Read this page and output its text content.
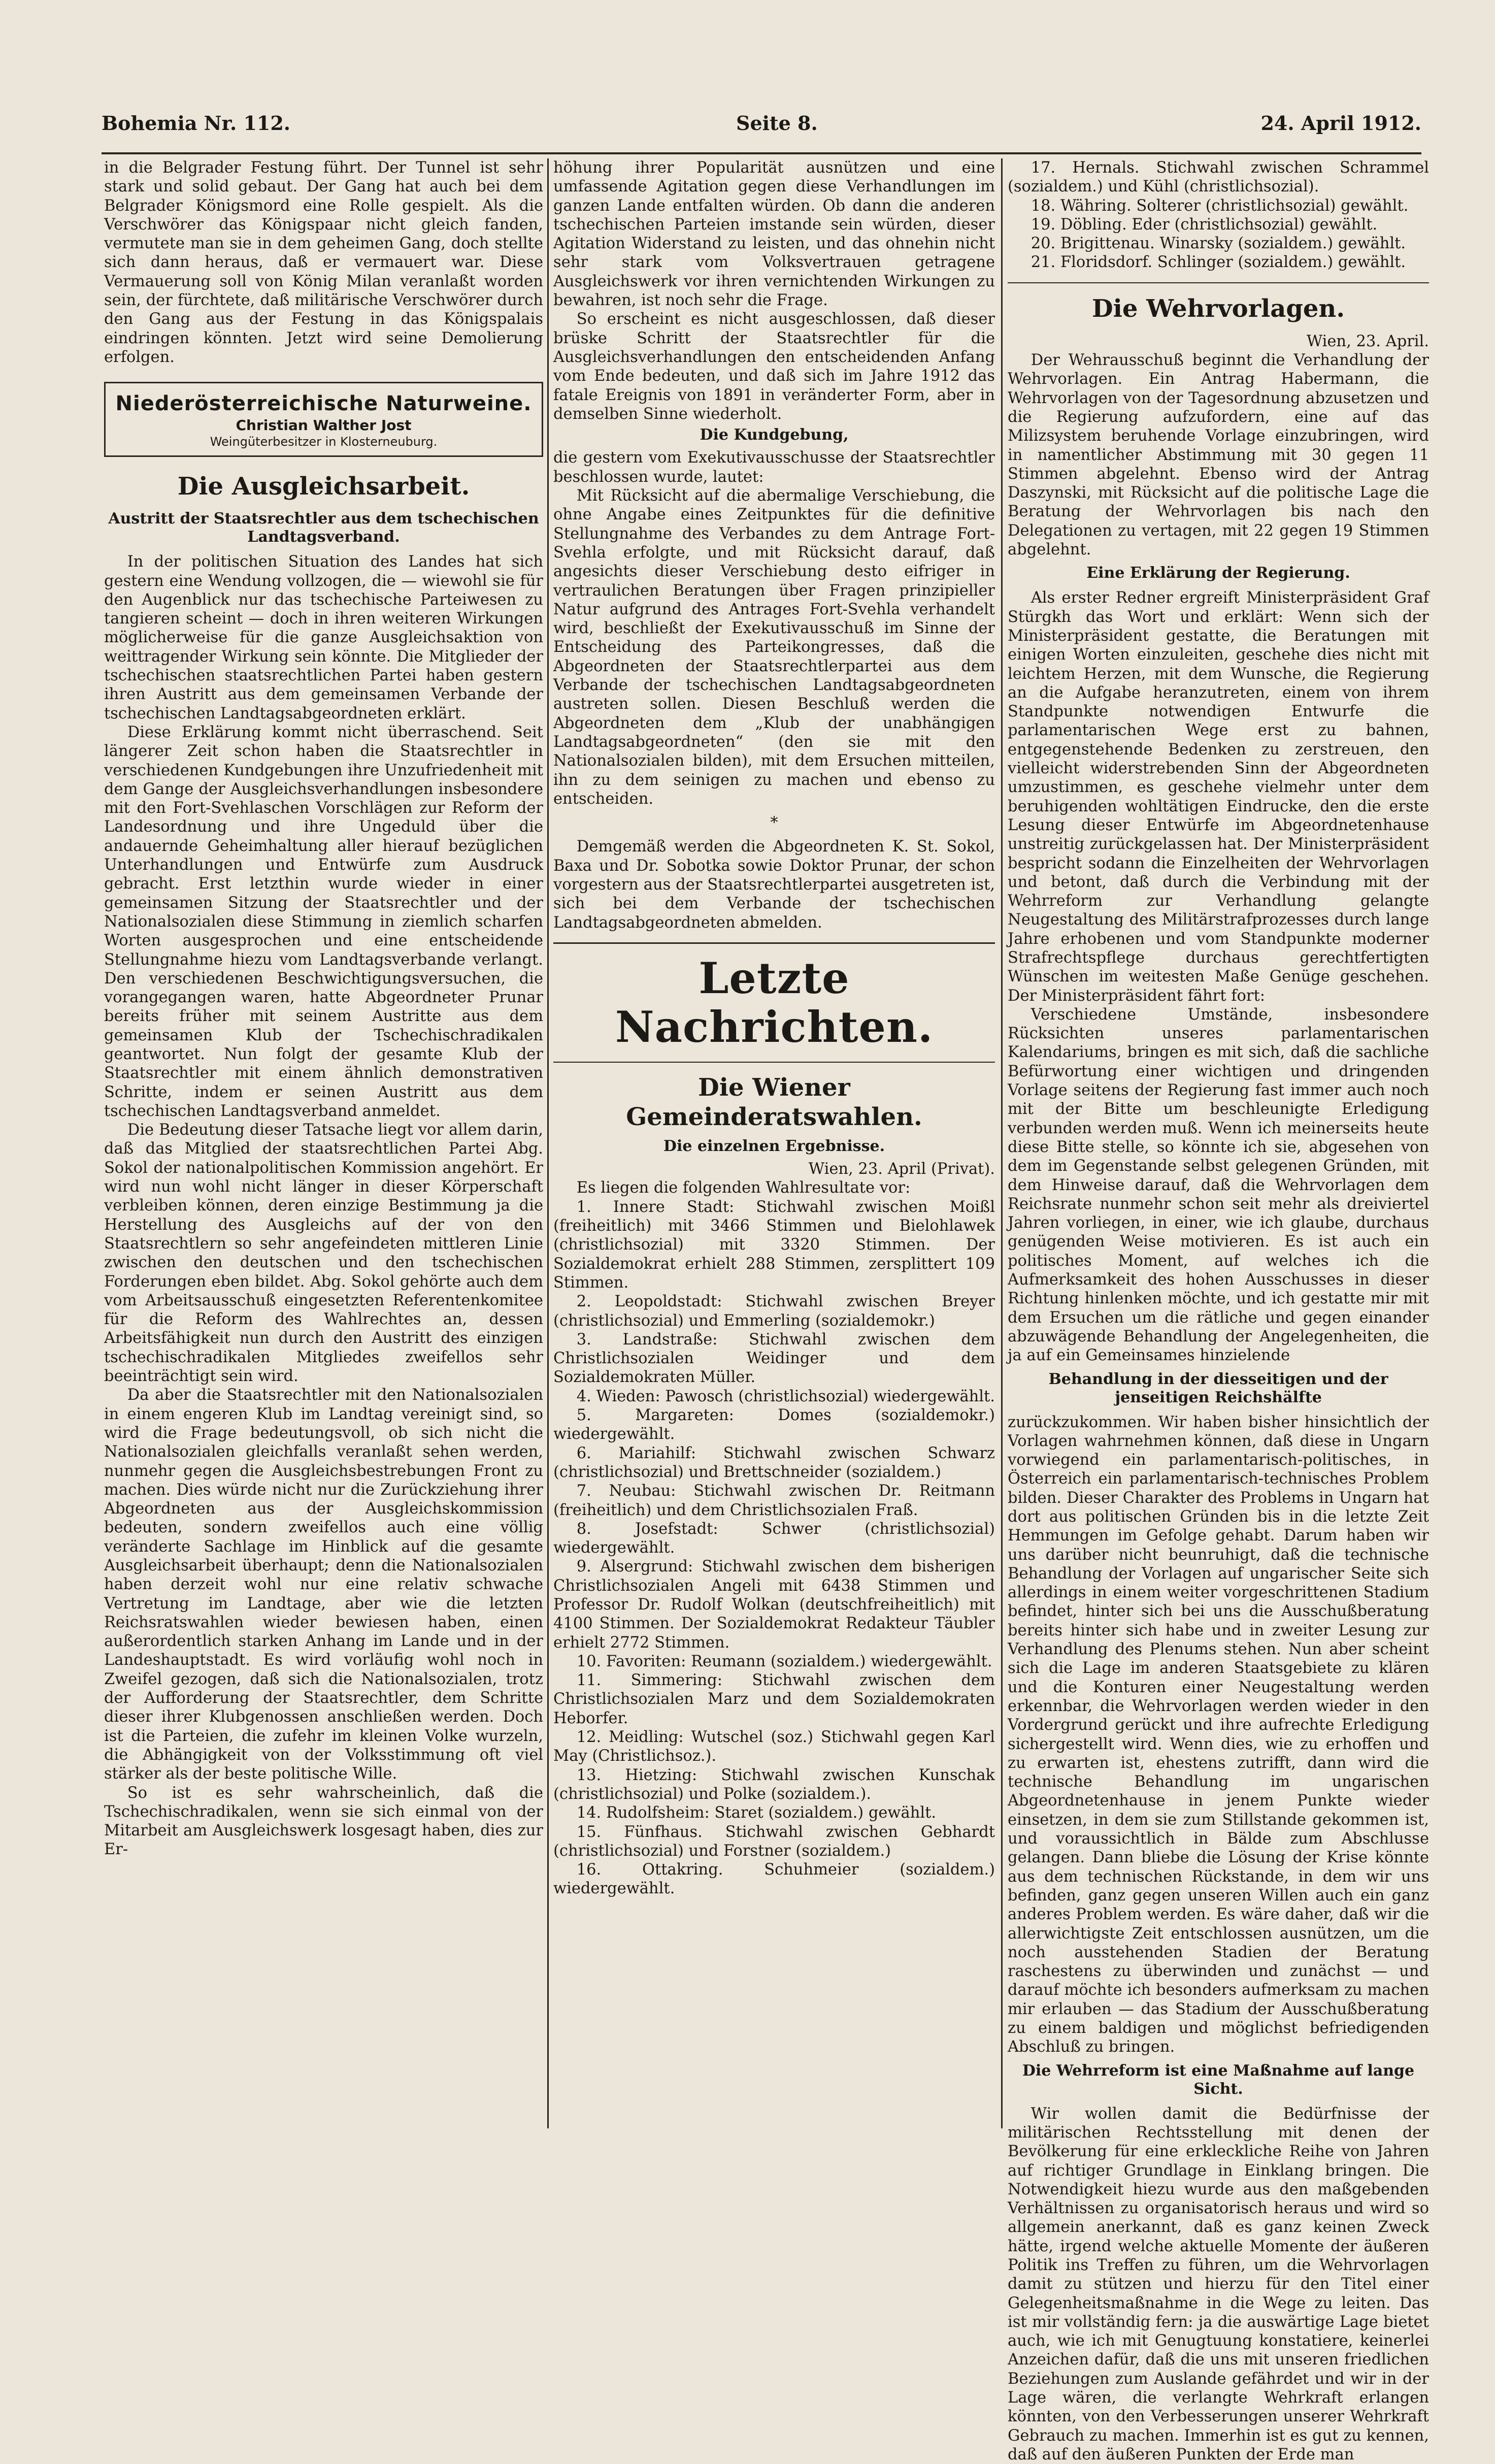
Bohemia Nr. 112.	Seite 8.	24. April 1912.

in die Belgrader Festung führt. Der Tunnel ist sehr stark und solid gebaut. Der Gang hat auch bei dem Belgrader Königsmord eine Rolle gespielt. Als die Verschwörer das Königspaar nicht gleich fanden, vermutete man sie in dem geheimen Gang, doch stellte sich dann heraus, daß er vermauert war. Diese Vermauerung soll von König Milan veranlaßt worden sein, der fürchtete, daß militärische Verschwörer durch den Gang aus der Festung in das Königspalais eindringen könnten. Jetzt wird seine Demolierung erfolgen.

Niederösterreichische Naturweine.
Christian Walther Jost
Weingüterbesitzer in Klosterneuburg.
Die Ausgleichsarbeit.
Austritt der Staatsrechtler aus dem tschechischen Landtagsverband.

In der politischen Situation des Landes hat sich gestern eine Wendung vollzogen, die — wiewohl sie für den Augenblick nur das tschechische Parteiwesen zu tangieren scheint — doch in ihren weiteren Wirkungen möglicherweise für die ganze Ausgleichsaktion von weittragender Wirkung sein könnte. Die Mitglieder der tschechischen staatsrechtlichen Partei haben gestern ihren Austritt aus dem gemeinsamen Verbande der tschechischen Landtagsabgeordneten erklärt.

Diese Erklärung kommt nicht überraschend. Seit längerer Zeit schon haben die Staatsrechtler in verschiedenen Kundgebungen ihre Unzufriedenheit mit dem Gange der Ausgleichsverhandlungen insbesondere mit den Fort-Svehlaschen Vorschlägen zur Reform der Landesordnung und ihre Ungeduld über die andauernde Geheimhaltung aller hierauf bezüglichen Unterhandlungen und Entwürfe zum Ausdruck gebracht. Erst letzthin wurde wieder in einer gemeinsamen Sitzung der Staatsrechtler und der Nationalsozialen diese Stimmung in ziemlich scharfen Worten ausgesprochen und eine entscheidende Stellungnahme hiezu vom Landtagsverbande verlangt. Den verschiedenen Beschwichtigungsversuchen, die vorangegangen waren, hatte Abgeordneter Prunar bereits früher mit seinem Austritte aus dem gemeinsamen Klub der Tschechischradikalen geantwortet. Nun folgt der gesamte Klub der Staatsrechtler mit einem ähnlich demonstrativen Schritte, indem er seinen Austritt aus dem tschechischen Landtagsverband anmeldet.

Die Bedeutung dieser Tatsache liegt vor allem darin, daß das Mitglied der staatsrechtlichen Partei Abg. Sokol der nationalpolitischen Kommission angehört. Er wird nun wohl nicht länger in dieser Körperschaft verbleiben können, deren einzige Bestimmung ja die Herstellung des Ausgleichs auf der von den Staatsrechtlern so sehr angefeindeten mittleren Linie zwischen den deutschen und den tschechischen Forderungen eben bildet. Abg. Sokol gehörte auch dem vom Arbeitsausschuß eingesetzten Referentenkomitee für die Reform des Wahlrechtes an, dessen Arbeitsfähigkeit nun durch den Austritt des einzigen tschechischradikalen Mitgliedes zweifellos sehr beeinträchtigt sein wird.

Da aber die Staatsrechtler mit den Nationalsozialen in einem engeren Klub im Landtag vereinigt sind, so wird die Frage bedeutungsvoll, ob sich nicht die Nationalsozialen gleichfalls veranlaßt sehen werden, nunmehr gegen die Ausgleichsbestrebungen Front zu machen. Dies würde nicht nur die Zurückziehung ihrer Abgeordneten aus der Ausgleichskommission bedeuten, sondern zweifellos auch eine völlig veränderte Sachlage im Hinblick auf die gesamte Ausgleichsarbeit überhaupt; denn die Nationalsozialen haben derzeit wohl nur eine relativ schwache Vertretung im Landtage, aber wie die letzten Reichsratswahlen wieder bewiesen haben, einen außerordentlich starken Anhang im Lande und in der Landeshauptstadt. Es wird vorläufig wohl noch in Zweifel gezogen, daß sich die Nationalsozialen, trotz der Aufforderung der Staatsrechtler, dem Schritte dieser ihrer Klubgenossen anschließen werden. Doch ist die Parteien, die zufehr im kleinen Volke wurzeln, die Abhängigkeit von der Volksstimmung oft viel stärker als der beste politische Wille.

So ist es sehr wahrscheinlich, daß die Tschechischradikalen, wenn sie sich einmal von der Mitarbeit am Ausgleichswerk losgesagt haben, dies zur Er-

höhung ihrer Popularität ausnützen und eine umfassende Agitation gegen diese Verhandlungen im ganzen Lande entfalten würden. Ob dann die anderen tschechischen Parteien imstande sein würden, dieser Agitation Widerstand zu leisten, und das ohnehin nicht sehr stark vom Volksvertrauen getragene Ausgleichswerk vor ihren vernichtenden Wirkungen zu bewahren, ist noch sehr die Frage.

So erscheint es nicht ausgeschlossen, daß dieser brüske Schritt der Staatsrechtler für die Ausgleichsverhandlungen den entscheidenden Anfang vom Ende bedeuten, und daß sich im Jahre 1912 das fatale Ereignis von 1891 in veränderter Form, aber in demselben Sinne wiederholt.

Die Kundgebung,

die gestern vom Exekutivausschusse der Staatsrechtler beschlossen wurde, lautet:

Mit Rücksicht auf die abermalige Verschiebung, die ohne Angabe eines Zeitpunktes für die definitive Stellungnahme des Verbandes zu dem Antrage Fort-Svehla erfolgte, und mit Rücksicht darauf, daß angesichts dieser Verschiebung desto eifriger in vertraulichen Beratungen über Fragen prinzipieller Natur aufgrund des Antrages Fort-Svehla verhandelt wird, beschließt der Exekutivausschuß im Sinne der Entscheidung des Parteikongresses, daß die Abgeordneten der Staatsrechtlerpartei aus dem Verbande der tschechischen Landtagsabgeordneten austreten sollen. Diesen Beschluß werden die Abgeordneten dem „Klub der unabhängigen Landtagsabgeordneten“ (den sie mit den Nationalsozialen bilden), mit dem Ersuchen mitteilen, ihn zu dem seinigen zu machen und ebenso zu entscheiden.

*

Demgemäß werden die Abgeordneten K. St. Sokol, Baxa und Dr. Sobotka sowie Doktor Prunar, der schon vorgestern aus der Staatsrechtlerpartei ausgetreten ist, sich bei dem Verbande der tschechischen Landtagsabgeordneten abmelden.

Letzte Nachrichten.
Die Wiener Gemeinderatswahlen.
Die einzelnen Ergebnisse.

Wien, 23. April (Privat).

Es liegen die folgenden Wahlresultate vor:

1. Innere Stadt: Stichwahl zwischen Moißl (freiheitlich) mit 3466 Stimmen und Bielohlawek (christlichsozial) mit 3320 Stimmen. Der Sozialdemokrat erhielt 288 Stimmen, zersplittert 109 Stimmen.

2. Leopoldstadt: Stichwahl zwischen Breyer (christlichsozial) und Emmerling (sozialdemokr.)

3. Landstraße: Stichwahl zwischen dem Christlichsozialen Weidinger und dem Sozialdemokraten Müller.

4. Wieden: Pawosch (christlichsozial) wiedergewählt.

5. Margareten: Domes (sozialdemokr.) wiedergewählt.

6. Mariahilf: Stichwahl zwischen Schwarz (christlichsozial) und Brettschneider (sozialdem.)

7. Neubau: Stichwahl zwischen Dr. Reitmann (freiheitlich) und dem Christlichsozialen Fraß.

8. Josefstadt: Schwer (christlichsozial) wiedergewählt.

9. Alsergrund: Stichwahl zwischen dem bisherigen Christlichsozialen Angeli mit 6438 Stimmen und Professor Dr. Rudolf Wolkan (deutschfreiheitlich) mit 4100 Stimmen. Der Sozialdemokrat Redakteur Täubler erhielt 2772 Stimmen.

10. Favoriten: Reumann (sozialdem.) wiedergewählt.

11. Simmering: Stichwahl zwischen dem Christlichsozialen Marz und dem Sozialdemokraten Heborfer.

12. Meidling: Wutschel (soz.) Stichwahl gegen Karl May (Christlichsoz.).

13. Hietzing: Stichwahl zwischen Kunschak (christlichsozial) und Polke (sozialdem.).

14. Rudolfsheim: Staret (sozialdem.) gewählt.

15. Fünfhaus. Stichwahl zwischen Gebhardt (christlichsozial) und Forstner (sozialdem.)

16. Ottakring. Schuhmeier (sozialdem.) wiedergewählt.

17. Hernals. Stichwahl zwischen Schrammel (sozialdem.) und Kühl (christlichsozial).

18. Währing. Solterer (christlichsozial) gewählt.

19. Döbling. Eder (christlichsozial) gewählt.

20. Brigittenau. Winarsky (sozialdem.) gewählt.

21. Floridsdorf. Schlinger (sozialdem.) gewählt.

Die Wehrvorlagen.

Wien, 23. April.

Der Wehrausschuß beginnt die Verhandlung der Wehrvorlagen. Ein Antrag Habermann, die Wehrvorlagen von der Tagesordnung abzusetzen und die Regierung aufzufordern, eine auf das Milizsystem beruhende Vorlage einzubringen, wird in namentlicher Abstimmung mit 30 gegen 11 Stimmen abgelehnt. Ebenso wird der Antrag Daszynski, mit Rücksicht auf die politische Lage die Beratung der Wehrvorlagen bis nach den Delegationen zu vertagen, mit 22 gegen 19 Stimmen abgelehnt.

Eine Erklärung der Regierung.

Als erster Redner ergreift Ministerpräsident Graf Stürgkh das Wort und erklärt: Wenn sich der Ministerpräsident gestatte, die Beratungen mit einigen Worten einzuleiten, geschehe dies nicht mit leichtem Herzen, mit dem Wunsche, die Regierung an die Aufgabe heranzutreten, einem von ihrem Standpunkte notwendigen Entwurfe die parlamentarischen Wege erst zu bahnen, entgegenstehende Bedenken zu zerstreuen, den vielleicht widerstrebenden Sinn der Abgeordneten umzustimmen, es geschehe vielmehr unter dem beruhigenden wohltätigen Eindrucke, den die erste Lesung dieser Entwürfe im Abgeordnetenhause unstreitig zurückgelassen hat. Der Ministerpräsident bespricht sodann die Einzelheiten der Wehrvorlagen und betont, daß durch die Verbindung mit der Wehrreform zur Verhandlung gelangte Neugestaltung des Militärstrafprozesses durch lange Jahre erhobenen und vom Standpunkte moderner Strafrechtspflege durchaus gerechtfertigten Wünschen im weitesten Maße Genüge geschehen. Der Ministerpräsident fährt fort:

Verschiedene Umstände, insbesondere Rücksichten unseres parlamentarischen Kalendariums, bringen es mit sich, daß die sachliche Befürwortung einer wichtigen und dringenden Vorlage seitens der Regierung fast immer auch noch mit der Bitte um beschleunigte Erledigung verbunden werden muß. Wenn ich meinerseits heute diese Bitte stelle, so könnte ich sie, abgesehen von dem im Gegenstande selbst gelegenen Gründen, mit dem Hinweise darauf, daß die Wehrvorlagen dem Reichsrate nunmehr schon seit mehr als dreiviertel Jahren vorliegen, in einer, wie ich glaube, durchaus genügenden Weise motivieren. Es ist auch ein politisches Moment, auf welches ich die Aufmerksamkeit des hohen Ausschusses in dieser Richtung hinlenken möchte, und ich gestatte mir mit dem Ersuchen um die rätliche und gegen einander abzuwägende Behandlung der Angelegenheiten, die ja auf ein Gemeinsames hinzielende

Behandlung in der diesseitigen und der jenseitigen Reichshälfte

zurückzukommen. Wir haben bisher hinsichtlich der Vorlagen wahrnehmen können, daß diese in Ungarn vorwiegend ein parlamentarisch-politisches, in Österreich ein parlamentarisch-technisches Problem bilden. Dieser Charakter des Problems in Ungarn hat dort aus politischen Gründen bis in die letzte Zeit Hemmungen im Gefolge gehabt. Darum haben wir uns darüber nicht beunruhigt, daß die technische Behandlung der Vorlagen auf ungarischer Seite sich allerdings in einem weiter vorgeschrittenen Stadium befindet, hinter sich bei uns die Ausschußberatung bereits hinter sich habe und in zweiter Lesung zur Verhandlung des Plenums stehen. Nun aber scheint sich die Lage im anderen Staatsgebiete zu klären und die Konturen einer Neugestaltung werden erkennbar, die Wehrvorlagen werden wieder in den Vordergrund gerückt und ihre aufrechte Erledigung sichergestellt wird. Wenn dies, wie zu erhoffen und zu erwarten ist, ehestens zutrifft, dann wird die technische Behandlung im ungarischen Abgeordnetenhause in jenem Punkte wieder einsetzen, in dem sie zum Stillstande gekommen ist, und voraussichtlich in Bälde zum Abschlusse gelangen. Dann bliebe die Lösung der Krise könnte aus dem technischen Rückstande, in dem wir uns befinden, ganz gegen unseren Willen auch ein ganz anderes Problem werden. Es wäre daher, daß wir die allerwichtigste Zeit entschlossen ausnützen, um die noch ausstehenden Stadien der Beratung raschestens zu überwinden und zunächst — und darauf möchte ich besonders aufmerksam zu machen mir erlauben — das Stadium der Ausschußberatung zu einem baldigen und möglichst befriedigenden Abschluß zu bringen.

Die Wehrreform ist eine Maßnahme auf lange Sicht.

Wir wollen damit die Bedürfnisse der militärischen Rechtsstellung mit denen der Bevölkerung für eine erkleckliche Reihe von Jahren auf richtiger Grundlage in Einklang bringen. Die Notwendigkeit hiezu wurde aus den maßgebenden Verhältnissen zu organisatorisch heraus und wird so allgemein anerkannt, daß es ganz keinen Zweck hätte, irgend welche aktuelle Momente der äußeren Politik ins Treffen zu führen, um die Wehrvorlagen damit zu stützen und hierzu für den Titel einer Gelegenheitsmaßnahme in die Wege zu leiten. Das ist mir vollständig fern: ja die auswärtige Lage bietet auch, wie ich mit Genugtuung konstatiere, keinerlei Anzeichen dafür, daß die uns mit unseren friedlichen Beziehungen zum Auslande gefährdet und wir in der Lage wären, die verlangte Wehrkraft erlangen könnten, von den Verbesserungen unserer Wehrkraft Gebrauch zu machen. Immerhin ist es gut zu kennen, daß auf den äußeren Punkten der Erde man
